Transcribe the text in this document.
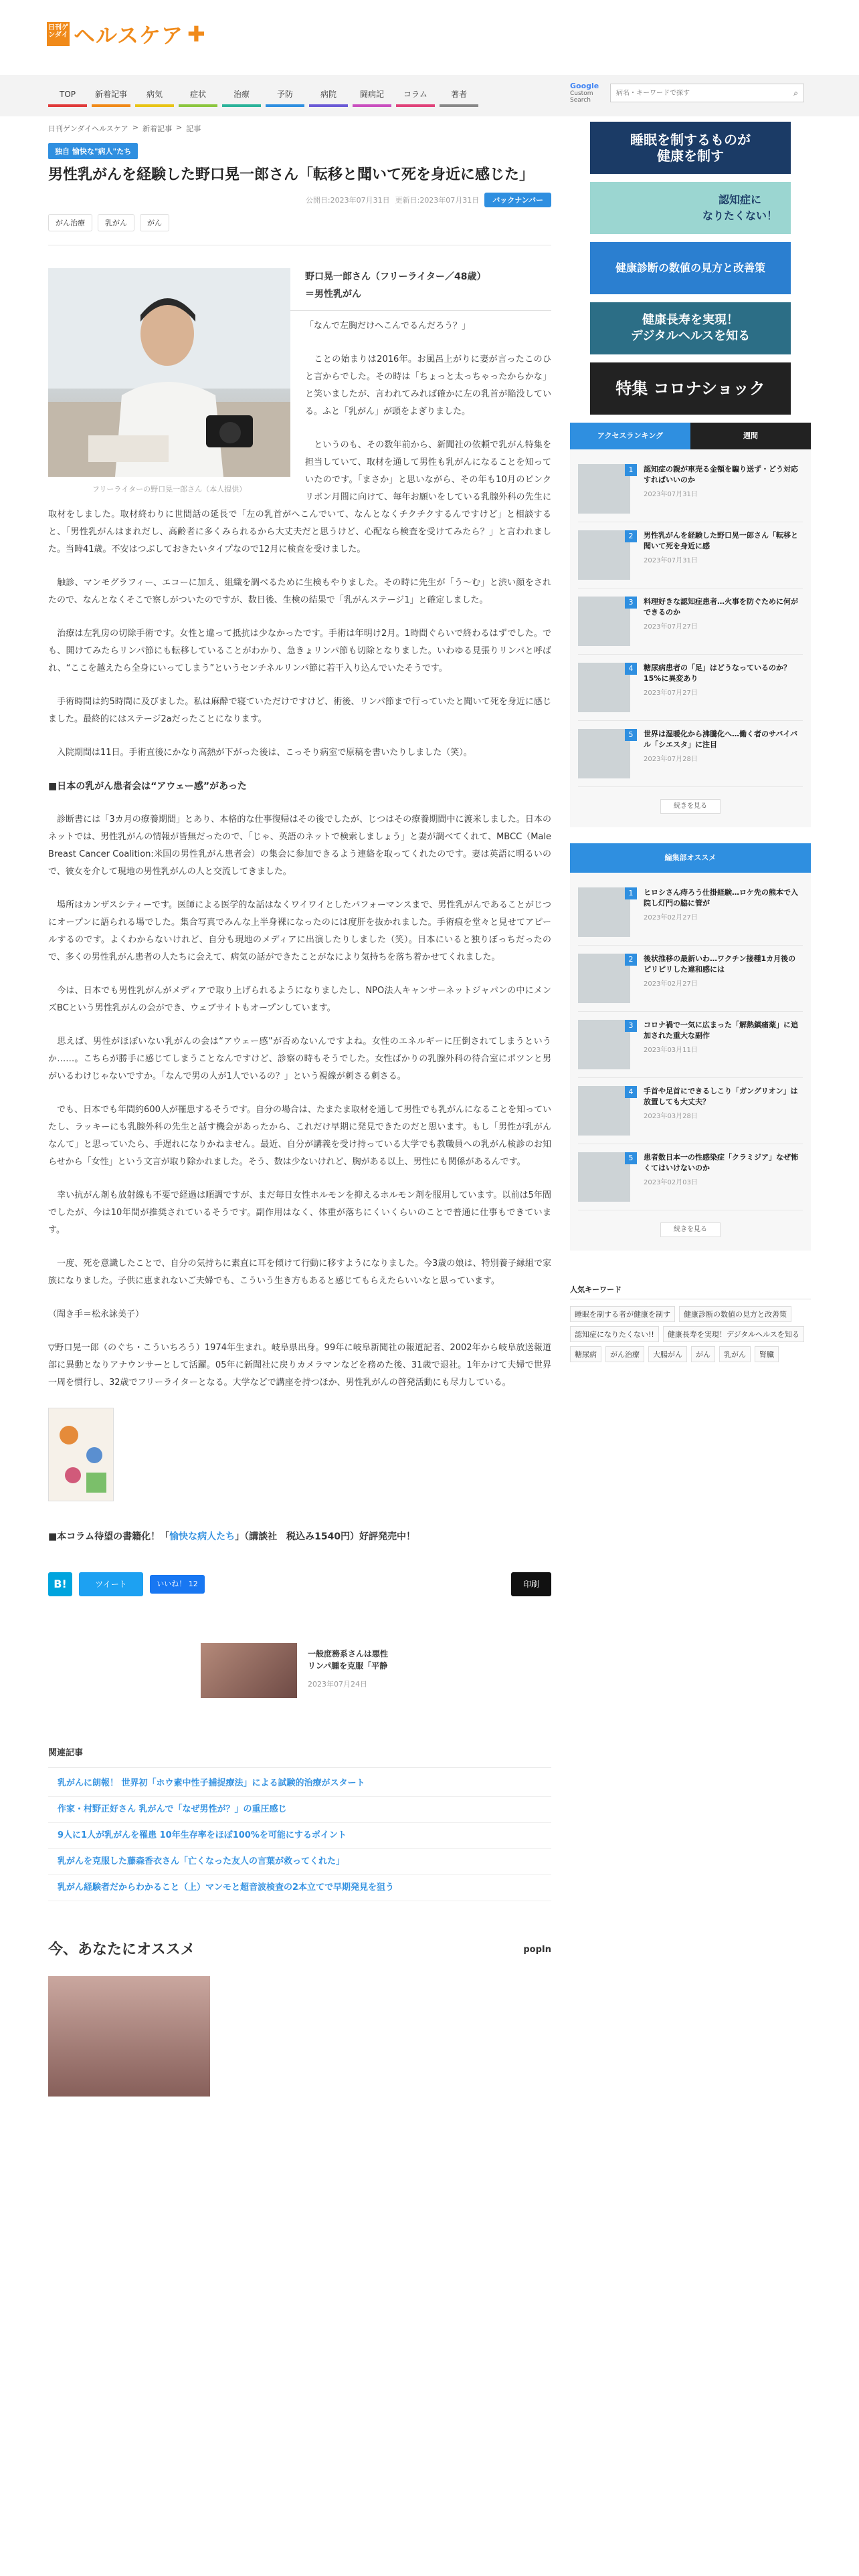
日刊ゲンダイ ヘルスケア ✚
TOP	新着記事	病気	症状	治療	予防	病院	闘病記	コラム	著者
Google
Custom Search
病名・キーワードで探す
⌕
日刊ゲンダイヘルスケア > 新着記事 > 記事
独自 愉快な"病人"たち
男性乳がんを経験した野口晃一郎さん「転移と聞いて死を身近に感じた」
公開日:2023年07月31日 更新日:2023年07月31日	バックナンバー
がん治療	乳がん	がん
フリーライターの野口晃一郎さん（本人提供）
野口晃一郎さん（フリーライター／48歳）
＝男性乳がん

「なんで左胸だけへこんでるんだろう？」

　ことの始まりは2016年。お風呂上がりに妻が言ったこのひと言からでした。その時は「ちょっと太っちゃったからかな」と笑いましたが、言われてみれば確かに左の乳首が陥没している。ふと「乳がん」が頭をよぎりました。

　というのも、その数年前から、新聞社の依頼で乳がん特集を担当していて、取材を通して男性も乳がんになることを知っていたのです。「まさか」と思いながら、その年も10月のピンクリボン月間に向けて、毎年お願いをしている乳腺外科の先生に取材をしました。取材終わりに世間話の延長で「左の乳首がへこんでいて、なんとなくチクチクするんですけど」と相談すると、「男性乳がんはまれだし、高齢者に多くみられるから大丈夫だと思うけど、心配なら検査を受けてみたら？」と言われました。当時41歳。不安はつぶしておきたいタイプなので12月に検査を受けました。

　触診、マンモグラフィー、エコーに加え、組織を調べるために生検もやりました。その時に先生が「う～む」と渋い顔をされたので、なんとなくそこで察しがついたのですが、数日後、生検の結果で「乳がんステージ1」と確定しました。

　治療は左乳房の切除手術です。女性と違って抵抗は少なかったです。手術は年明け2月。1時間ぐらいで終わるはずでした。でも、開けてみたらリンパ節にも転移していることがわかり、急きょリンパ節も切除となりました。いわゆる見張りリンパと呼ばれ、“ここを越えたら全身にいってしまう”というセンチネルリンパ節に若干入り込んでいたそうです。

　手術時間は約5時間に及びました。私は麻酔で寝ていただけですけど、術後、リンパ節まで行っていたと聞いて死を身近に感じました。最終的にはステージ2aだったことになります。

　入院期間は11日。手術直後にかなり高熱が下がった後は、こっそり病室で原稿を書いたりしました（笑）。

■日本の乳がん患者会は“アウェー感”があった

　診断書には「3カ月の療養期間」とあり、本格的な仕事復帰はその後でしたが、じつはその療養期間中に渡米しました。日本のネットでは、男性乳がんの情報が皆無だったので、「じゃ、英語のネットで検索しましょう」と妻が調べてくれて、MBCC（Male Breast Cancer Coalition:米国の男性乳がん患者会）の集会に参加できるよう連絡を取ってくれたのです。妻は英語に明るいので、彼女を介して現地の男性乳がんの人と交流してきました。

　場所はカンザスシティーです。医師による医学的な話はなくワイワイとしたパフォーマンスまで、男性乳がんであることがじつにオープンに語られる場でした。集合写真でみんな上半身裸になったのには度肝を抜かれました。手術痕を堂々と見せてアピールするのです。よくわからないけれど、自分も現地のメディアに出演したりしました（笑）。日本にいると独りぼっちだったので、多くの男性乳がん患者の人たちに会えて、病気の話ができたことがなにより気持ちを落ち着かせてくれました。

　今は、日本でも男性乳がんがメディアで取り上げられるようになりましたし、NPO法人キャンサーネットジャパンの中にメンズBCという男性乳がんの会ができ、ウェブサイトもオープンしています。

　思えば、男性がほぼいない乳がんの会は“アウェー感”が否めないんですよね。女性のエネルギーに圧倒されてしまうというか……。こちらが勝手に感じてしまうことなんですけど、診察の時もそうでした。女性ばかりの乳腺外科の待合室にポツンと男がいるわけじゃないですか。「なんで男の人が1人でいるの？」という視線が刺さる刺さる。

　でも、日本でも年間約600人が罹患するそうです。自分の場合は、たまたま取材を通して男性でも乳がんになることを知っていたし、ラッキーにも乳腺外科の先生と話す機会があったから、これだけ早期に発見できたのだと思います。もし「男性が乳がんなんて」と思っていたら、手遅れになりかねません。最近、自分が講義を受け持っている大学でも教職員への乳がん検診のお知らせから「女性」という文言が取り除かれました。そう、数は少ないけれど、胸がある以上、男性にも関係があるんです。

　幸い抗がん剤も放射線も不要で経過は順調ですが、まだ毎日女性ホルモンを抑えるホルモン剤を服用しています。以前は5年間でしたが、今は10年間が推奨されているそうです。副作用はなく、体重が落ちにくいくらいのことで普通に仕事もできています。

　一度、死を意識したことで、自分の気持ちに素直に耳を傾けて行動に移すようになりました。今3歳の娘は、特別養子縁組で家族になりました。子供に恵まれないご夫婦でも、こういう生き方もあると感じてもらえたらいいなと思っています。

（聞き手＝松永詠美子）

▽野口晃一郎（のぐち・こういちろう）1974年生まれ。岐阜県出身。99年に岐阜新聞社の報道記者、2002年から岐阜放送報道部に異動となりアナウンサーとして活躍。05年に新聞社に戻りカメラマンなどを務めた後、31歳で退社。1年かけて夫婦で世界一周を慣行し、32歳でフリーライターとなる。大学などで講座を持つほか、男性乳がんの啓発活動にも尽力している。

■本コラム待望の書籍化！「愉快な病人たち」（講談社　税込み1540円）好評発売中！
B!	ツイート	いいね！ 12	印刷
一般庶務系さんは悪性
リンパ腫を克服「平静
2023年07月24日
関連記事
乳がんに朗報！ 世界初「ホウ素中性子捕捉療法」による試験的治療がスタート
作家・村野正好さん 乳がんで「なぜ男性が？」の重圧感じ
9人に1人が乳がんを罹患 10年生存率をほぼ100%を可能にするポイント
乳がんを克服した藤森香衣さん「亡くなった友人の言葉が救ってくれた」
乳がん経験者だからわかること（上）マンモと超音波検査の2本立てで早期発見を狙う
今、あなたにオススメ	popIn
睡眠を制するものが
健康を制す
認知症に
なりたくない！
健康診断の数値の見方と改善策
健康長寿を実現！
デジタルヘルスを知る
特集 コロナショック
アクセスランキング	週間
1	認知症の親が車売る金額を騙り送ず・どう対応すればいいのか
2023年07月31日
2	男性乳がんを経験した野口晃一郎さん「転移と聞いて死を身近に感
2023年07月31日
3	料理好きな認知症患者…火事を防ぐために何ができるのか
2023年07月27日
4	糖尿病患者の「足」はどうなっているのか？ 15%に異変あり
2023年07月27日
5	世界は湿暖化から沸騰化へ…働く者のサバイバル「シエスタ」に注目
2023年07月28日
続きを見る
編集部オススメ
1	ヒロシさん痔ろう仕掛経験…ロケ先の熊本で入院し灯門の脇に管が
2023年02月27日
2	後状推移の最新いわ…ワクチン接種1カ月後のピリピリした違和感には
2023年02月27日
3	コロナ禍で一気に広まった「解熱鎮痛薬」に追加された重大な副作
2023年03月11日
4	手首や足首にできるしこり「ガングリオン」は放置しても大丈夫？
2023年03月28日
5	患者数日本一の性感染症「クラミジア」なぜ怖くてはいけないのか
2023年02月03日
続きを見る
人気キーワード
睡眠を制する者が健康を制す	健康診断の数値の見方と改善策
認知症になりたくない!!	健康長寿を実現！デジタルヘルスを知る
糖尿病	がん治療	大腸がん	がん	乳がん	腎臓
